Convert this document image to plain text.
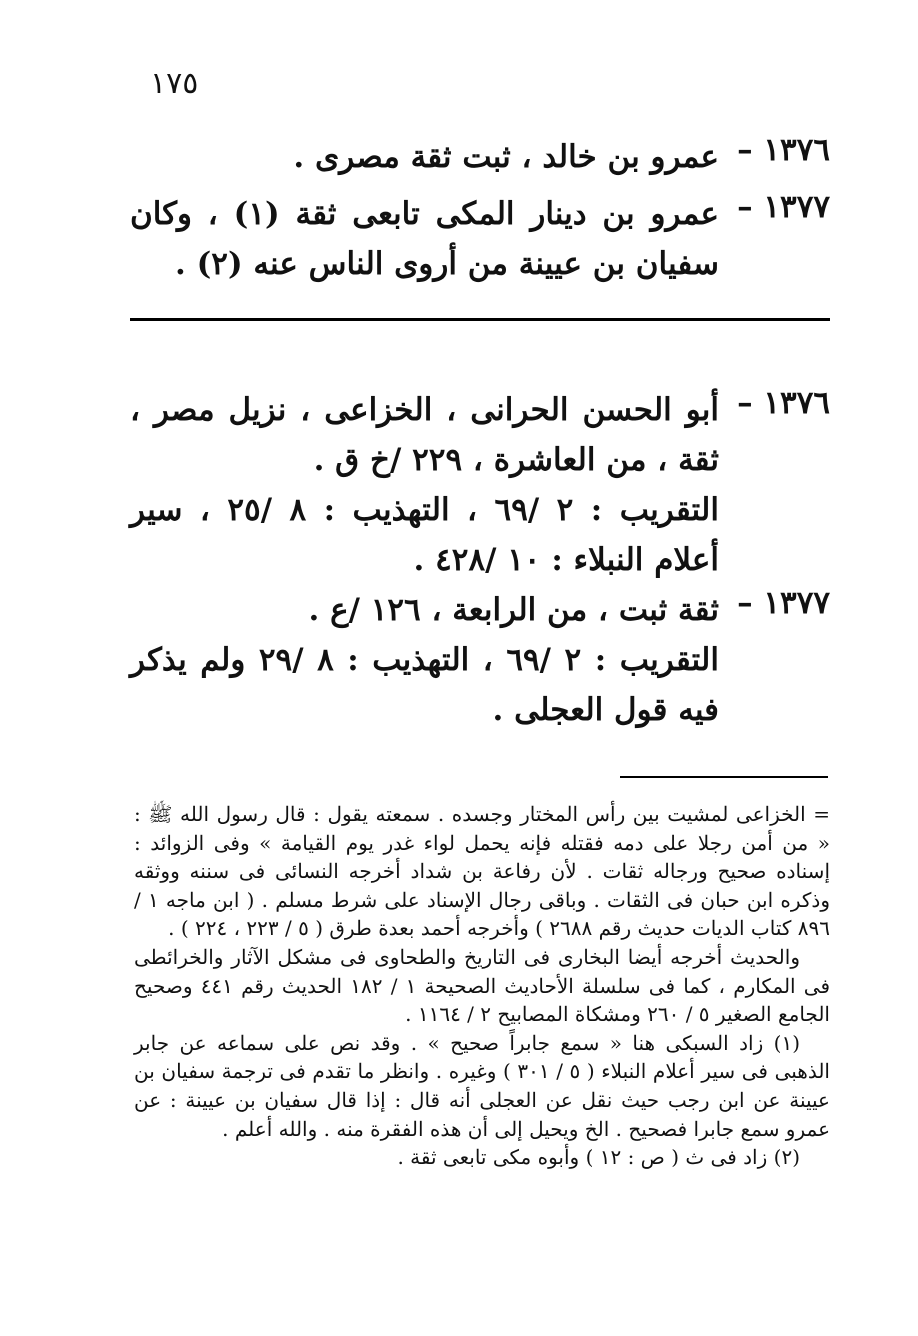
١٧٥
١٣٧٦ –
عمرو بن خالد ، ثبت ثقة مصرى .
١٣٧٧ –
عمرو بن دينار المكى تابعى ثقة (١) ، وكان سفيان بن عيينة من أروى الناس عنه (٢) .
١٣٧٦ –

أبو الحسن الحرانى ، الخزاعى ، نزيل مصر ، ثقة ، من العاشرة ، ٢٢٩ /خ ق .

التقريب : ٢ /٦٩ ، التهذيب : ٨ /٢٥ ، سير أعلام النبلاء : ١٠ /٤٢٨ .

١٣٧٧ –

ثقة ثبت ، من الرابعة ، ١٢٦ /ع .

التقريب : ٢ /٦٩ ، التهذيب : ٨ /٢٩ ولم يذكر فيه قول العجلى .

= الخزاعى لمشيت بين رأس المختار وجسده . سمعته يقول : قال رسول الله ﷺ : « من أمن رجلا على دمه فقتله فإنه يحمل لواء غدر يوم القيامة » وفى الزوائد : إسناده صحيح ورجاله ثقات . لأن رفاعة بن شداد أخرجه النسائى فى سننه ووثقه وذكره ابن حبان فى الثقات . وباقى رجال الإسناد على شرط مسلم . ( ابن ماجه ١ / ٨٩٦ كتاب الديات حديث رقم ٢٦٨٨ ) وأخرجه أحمد بعدة طرق ( ٥ / ٢٢٣ ، ٢٢٤ ) .

والحديث أخرجه أيضا البخارى فى التاريخ والطحاوى فى مشكل الآثار والخرائطى فى المكارم ، كما فى سلسلة الأحاديث الصحيحة ١ / ١٨٢ الحديث رقم ٤٤١ وصحيح الجامع الصغير ٥ / ٢٦٠ ومشكاة المصابيح ٢ / ١١٦٤ .

(١) زاد السبكى هنا « سمع جابراً صحيح » . وقد نص على سماعه عن جابر الذهبى فى سير أعلام النبلاء ( ٥ / ٣٠١ ) وغيره . وانظر ما تقدم فى ترجمة سفيان بن عيينة عن ابن رجب حيث نقل عن العجلى أنه قال : إذا قال سفيان بن عيينة : عن عمرو سمع جابرا فصحيح . الخ ويحيل إلى أن هذه الفقرة منه . والله أعلم .

(٢) زاد فى ث ( ص : ١٢ ) وأبوه مكى تابعى ثقة .
